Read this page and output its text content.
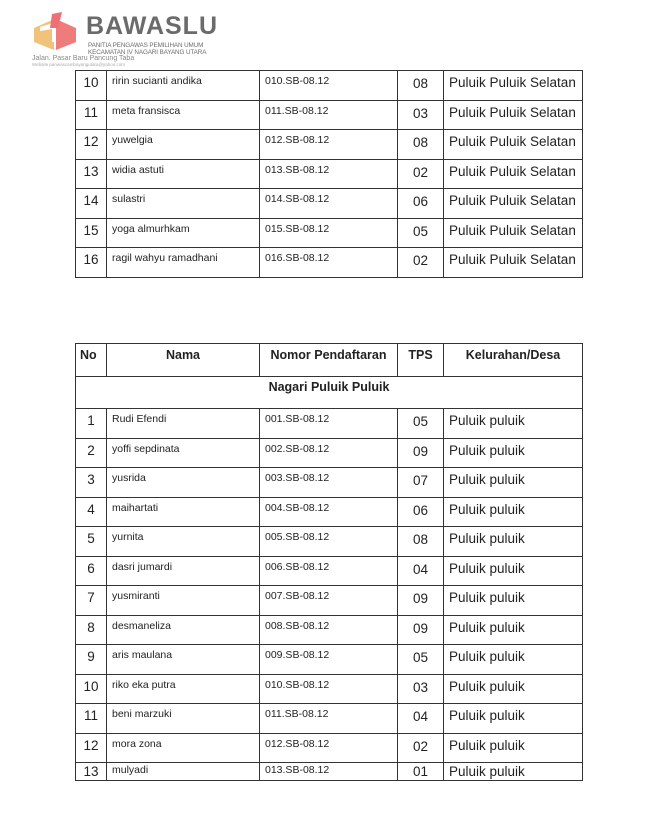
BAWASLU
PANITIA PENGAWAS PEMILIHAN UMUM
KECAMATAN IV NAGARI BAYANG UTARA
Jalan. Pasar Baru Pancung Taba
Website panwascambayangutara@yahoo.com
10	ririn sucianti andika	010.SB-08.12	08	Puluik Puluik Selatan
11	meta fransisca	011.SB-08.12	03	Puluik Puluik Selatan
12	yuwelgia	012.SB-08.12	08	Puluik Puluik Selatan
13	widia astuti	013.SB-08.12	02	Puluik Puluik Selatan
14	sulastri	014.SB-08.12	06	Puluik Puluik Selatan
15	yoga almurhkam	015.SB-08.12	05	Puluik Puluik Selatan
16	ragil wahyu ramadhani	016.SB-08.12	02	Puluik Puluik Selatan
No	Nama	Nomor Pendaftaran	TPS	Kelurahan/Desa
Nagari Puluik Puluik				
1	Rudi Efendi	001.SB-08.12	05	Puluik puluik
2	yoffi sepdinata	002.SB-08.12	09	Puluik puluik
3	yusrida	003.SB-08.12	07	Puluik puluik
4	maihartati	004.SB-08.12	06	Puluik puluik
5	yurnita	005.SB-08.12	08	Puluik puluik
6	dasri jumardi	006.SB-08.12	04	Puluik puluik
7	yusmiranti	007.SB-08.12	09	Puluik puluik
8	desmaneliza	008.SB-08.12	09	Puluik puluik
9	aris maulana	009.SB-08.12	05	Puluik puluik
10	riko eka putra	010.SB-08.12	03	Puluik puluik
11	beni marzuki	011.SB-08.12	04	Puluik puluik
12	mora zona	012.SB-08.12	02	Puluik puluik
13	mulyadi	013.SB-08.12	01	Puluik puluik
